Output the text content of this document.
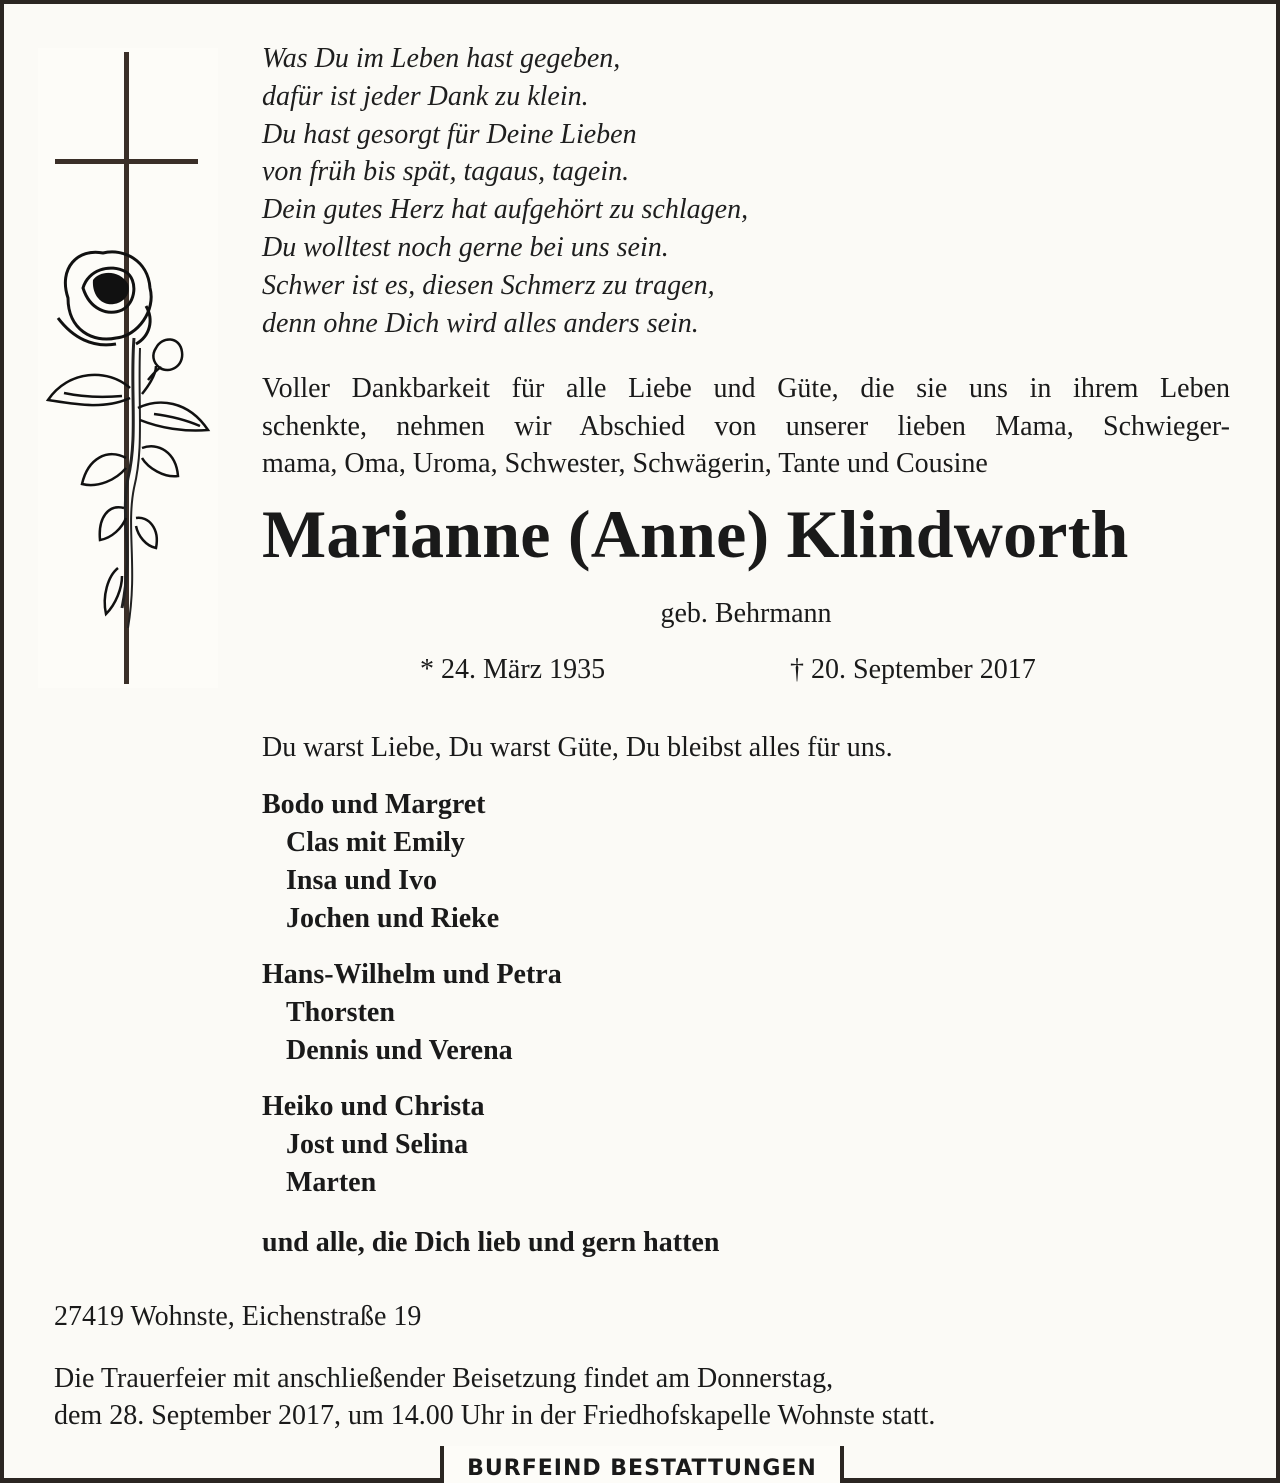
Was Du im Leben hast gegeben,
dafür ist jeder Dank zu klein.
Du hast gesorgt für Deine Lieben
von früh bis spät, tagaus, tagein.
Dein gutes Herz hat aufgehört zu schlagen,
Du wolltest noch gerne bei uns sein.
Schwer ist es, diesen Schmerz zu tragen,
denn ohne Dich wird alles anders sein.
Voller Dankbarkeit für alle Liebe und Güte, die sie uns in ihrem Leben
schenkte, nehmen wir Abschied von unserer lieben Mama, Schwieger-
mama, Oma, Uroma, Schwester, Schwägerin, Tante und Cousine
Marianne (Anne) Klindworth
geb. Behrmann
* 24. März 1935	† 20. September 2017
Du warst Liebe, Du warst Güte, Du bleibst alles für uns.
Bodo und Margret
Clas mit Emily
Insa und Ivo
Jochen und Rieke
Hans-Wilhelm und Petra
Thorsten
Dennis und Verena
Heiko und Christa
Jost und Selina
Marten
und alle, die Dich lieb und gern hatten
27419 Wohnste, Eichenstraße 19
Die Trauerfeier mit anschließender Beisetzung findet am Donnerstag,
dem 28. September 2017, um 14.00 Uhr in der Friedhofskapelle Wohnste statt.
BURFEIND BESTATTUNGEN
